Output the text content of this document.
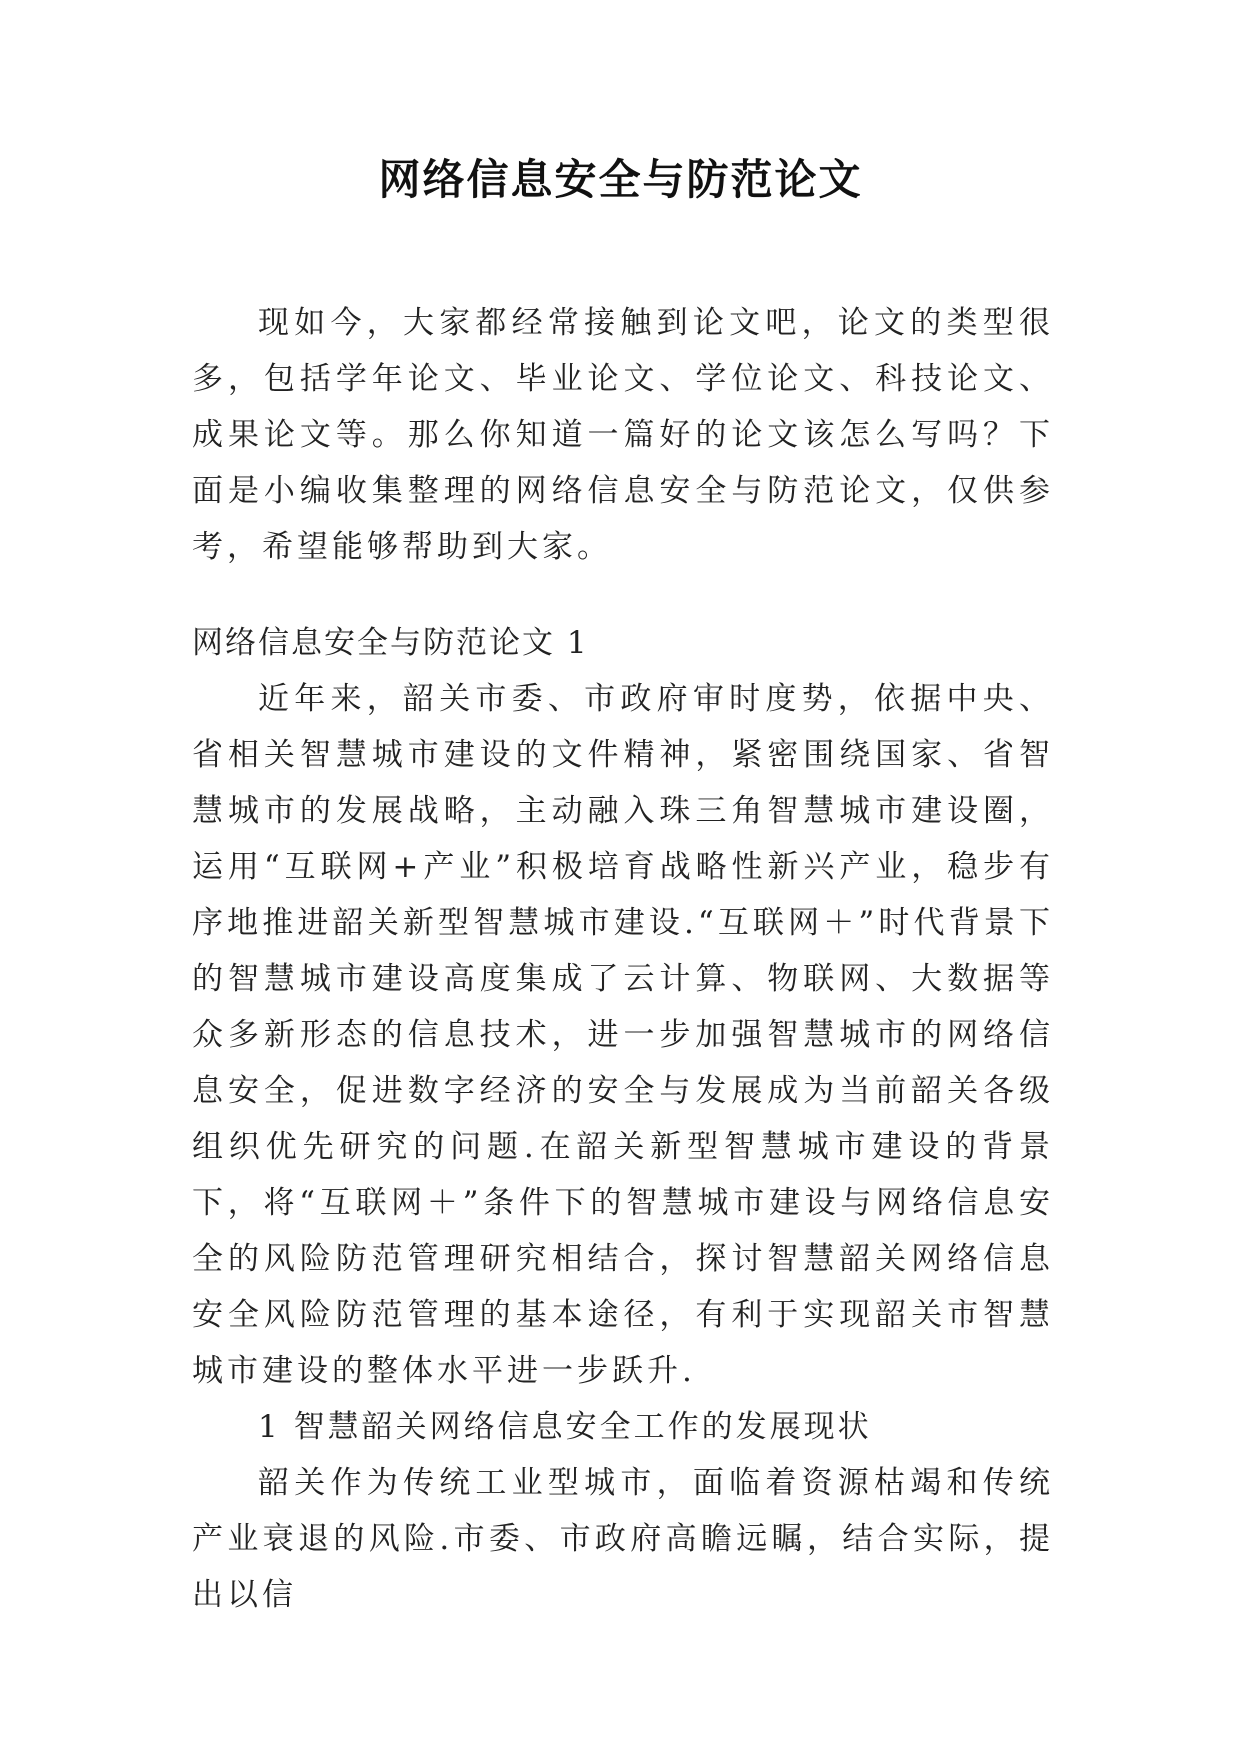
网络信息安全与防范论文

现如今，大家都经常接触到论文吧，论文的类型很多，包括学年论文、毕业论文、学位论文、科技论文、成果论文等。那么你知道一篇好的论文该怎么写吗？下面是小编收集整理的网络信息安全与防范论文，仅供参考，希望能够帮助到大家。

网络信息安全与防范论文 1

近年来，韶关市委、市政府审时度势，依据中央、省相关智慧城市建设的文件精神，紧密围绕国家、省智慧城市的发展战略，主动融入珠三角智慧城市建设圈，运用“互联网+产业”积极培育战略性新兴产业，稳步有序地推进韶关新型智慧城市建设.“互联网＋”时代背景下的智慧城市建设高度集成了云计算、物联网、大数据等众多新形态的信息技术，进一步加强智慧城市的网络信息安全，促进数字经济的安全与发展成为当前韶关各级组织优先研究的问题.在韶关新型智慧城市建设的背景下，将“互联网＋”条件下的智慧城市建设与网络信息安全的风险防范管理研究相结合，探讨智慧韶关网络信息安全风险防范管理的基本途径，有利于实现韶关市智慧城市建设的整体水平进一步跃升.

1 智慧韶关网络信息安全工作的发展现状

韶关作为传统工业型城市，面临着资源枯竭和传统产业衰退的风险.市委、市政府高瞻远瞩，结合实际，提出以信
